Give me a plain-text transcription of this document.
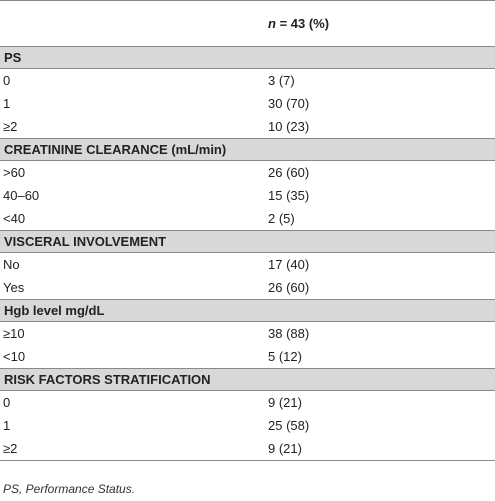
	n = 43 (%)
PS	
0	3 (7)
1	30 (70)
≥2	10 (23)
CREATININE CLEARANCE (mL/min)	
>60	26 (60)
40–60	15 (35)
<40	2 (5)
VISCERAL INVOLVEMENT	
No	17 (40)
Yes	26 (60)
Hgb level mg/dL	
≥10	38 (88)
<10	5 (12)
RISK FACTORS STRATIFICATION	
0	9 (21)
1	25 (58)
≥2	9 (21)
PS, Performance Status.
